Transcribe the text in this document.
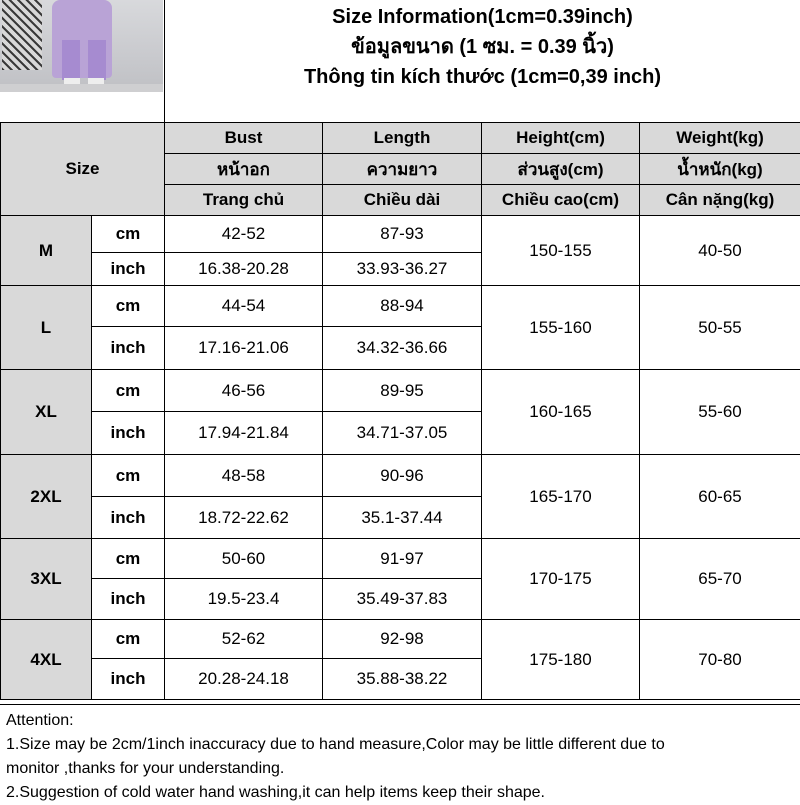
Size Information(1cm=0.39inch)
ข้อมูลขนาด (1 ซม. = 0.39 นิ้ว)
Thông tin kích thước (1cm=0,39 inch)
Size		Bust	Length	Height(cm)	Weight(kg)
		หน้าอก	ความยาว	ส่วนสูง(cm)	น้ำหนัก(kg)
		Trang chủ	Chiều dài	Chiều cao(cm)	Cân nặng(kg)
M	cm	42-52	87-93	150-155	40-50
	inch	16.38-20.28	33.93-36.27		
L	cm	44-54	88-94	155-160	50-55
	inch	17.16-21.06	34.32-36.66		
XL	cm	46-56	89-95	160-165	55-60
	inch	17.94-21.84	34.71-37.05		
2XL	cm	48-58	90-96	165-170	60-65
	inch	18.72-22.62	35.1-37.44		
3XL	cm	50-60	91-97	170-175	65-70
	inch	19.5-23.4	35.49-37.83		
4XL	cm	52-62	92-98	175-180	70-80
	inch	20.28-24.18	35.88-38.22		
Attention:
1.Size may be 2cm/1inch inaccuracy due to hand measure,Color may be little different due to
monitor ,thanks for your understanding.
2.Suggestion of cold water hand washing,it can help items keep their shape.
